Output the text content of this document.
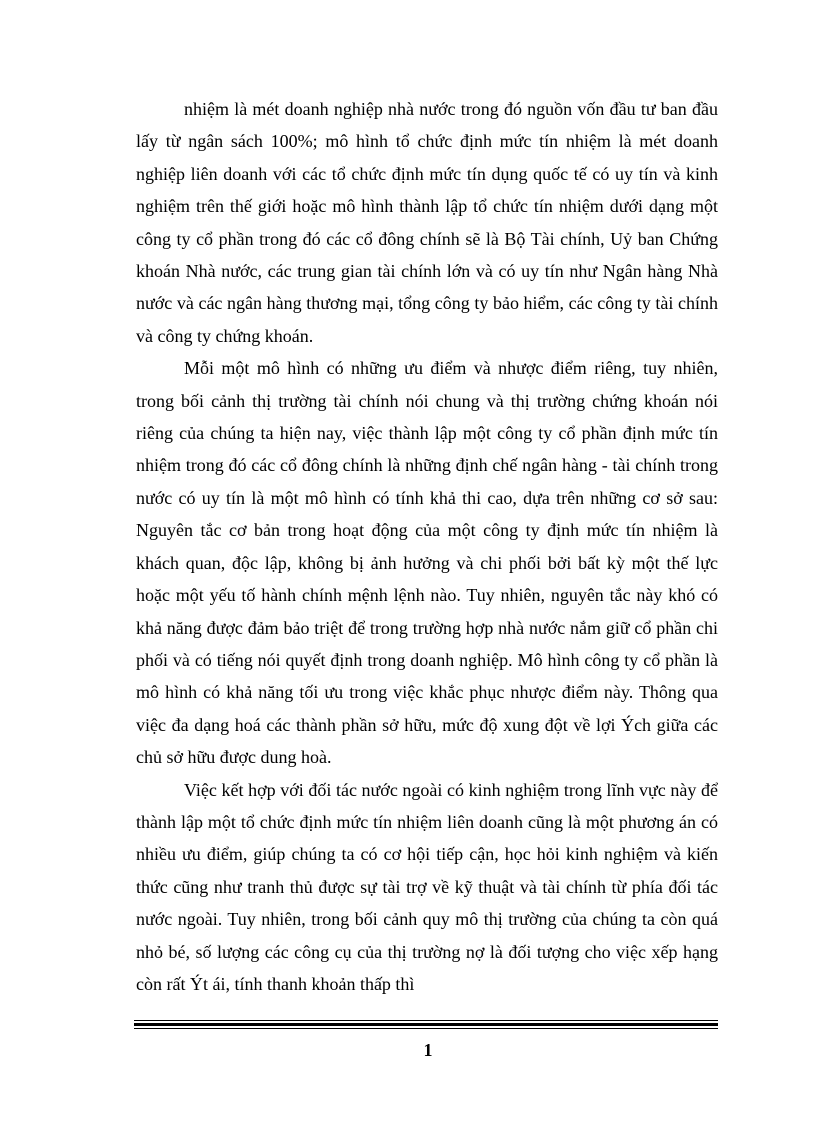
nhiệm là mét doanh nghiệp nhà nước trong đó nguồn vốn đầu tư ban đầu lấy từ ngân sách 100%; mô hình tổ chức định mức tín nhiệm là mét doanh nghiệp liên doanh với các tổ chức định mức tín dụng quốc tế có uy tín và kinh nghiệm trên thế giới hoặc mô hình thành lập tổ chức tín nhiệm dưới dạng một công ty cổ phần trong đó các cổ đông chính sẽ là Bộ Tài chính, Uỷ ban Chứng khoán Nhà nước, các trung gian tài chính lớn và có uy tín như Ngân hàng Nhà nước và các ngân hàng thương mại, tổng công ty bảo hiểm, các công ty tài chính và công ty chứng khoán.

Mỗi một mô hình có những ưu điểm và nhược điểm riêng, tuy nhiên, trong bối cảnh thị trường tài chính nói chung và thị trường chứng khoán nói riêng của chúng ta hiện nay, việc thành lập một công ty cổ phần định mức tín nhiệm trong đó các cổ đông chính là những định chế ngân hàng - tài chính trong nước có uy tín là một mô hình có tính khả thi cao, dựa trên những cơ sở sau: Nguyên tắc cơ bản trong hoạt động của một công ty định mức tín nhiệm là khách quan, độc lập, không bị ảnh hưởng và chi phối bởi bất kỳ một thế lực hoặc một yếu tố hành chính mệnh lệnh nào. Tuy nhiên, nguyên tắc này khó có khả năng được đảm bảo triệt để trong trường hợp nhà nước nắm giữ cổ phần chi phối và có tiếng nói quyết định trong doanh nghiệp. Mô hình công ty cổ phần là mô hình có khả năng tối ưu trong việc khắc phục nhược điểm này. Thông qua việc đa dạng hoá các thành phần sở hữu, mức độ xung đột về lợi Ých giữa các chủ sở hữu được dung hoà.

Việc kết hợp với đối tác nước ngoài có kinh nghiệm trong lĩnh vực này để thành lập một tổ chức định mức tín nhiệm liên doanh cũng là một phương án có nhiều ưu điểm, giúp chúng ta có cơ hội tiếp cận, học hỏi kinh nghiệm và kiến thức cũng như tranh thủ được sự tài trợ về kỹ thuật và tài chính từ phía đối tác nước ngoài. Tuy nhiên, trong bối cảnh quy mô thị trường của chúng ta còn quá nhỏ bé, số lượng các công cụ của thị trường nợ là đối tượng cho việc xếp hạng còn rất Ýt ái, tính thanh khoản thấp thì

1
